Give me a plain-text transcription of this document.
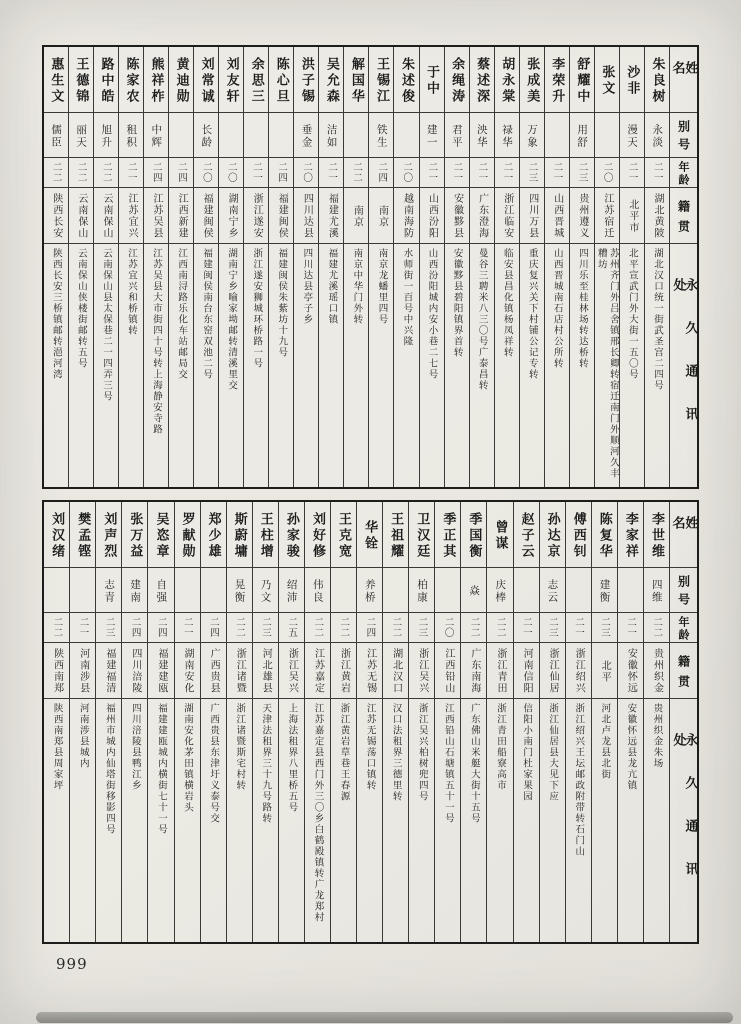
姓名
别号
年龄
籍贯
永久通讯处
朱良树
永淡
二一
湖北黄陂
湖北汉口统一街武圣宫二四号
沙非
漫天
二一
北平市
北平宣武门外大街一五〇号
张文
二〇
江苏宿迁
苏州齐门外吕舍镇邢长卿转宿迁南门外顺河久丰糟坊
舒耀中
用舒
二三
贵州遵义
四川乐至桂林场转达桥转
李荣升
二一
山西晋城
山西晋城南石店村公所转
张成美
万象
二三
四川万县
重庆复兴关下村铺公记专转
胡永棠
禄华
二一
浙江临安
临安县昌化镇杨凤祥转
蔡述深
泱华
二一
广东澄海
曼谷三聘米八三〇号广泰昌转
余绳涛
君平
二一
安徽黟县
安徽黟县碧阳镇界首转
于中
建一
二一
山西汾阳
山西汾阳城内安小巷二七号
朱述俊
二〇
越南海防
水师街一百号中兴隆
王锡江
铁生
二四
南京
南京龙蟠里四号
解国华
二二
南京
南京中华门外转
吴允森
洁如
二一
福建尤溪
福建尤溪瑶口镇
洪子锡
垂金
二〇
四川达县
四川达县亭子乡
陈心旦
二四
福建闽侯
福建闽侯朱紫坊十九号
余思三
二一
浙江遂安
浙江遂安狮城环桥路一号
刘友轩
二〇
湖南宁乡
湖南宁乡喻家坳邮转清溪里交
刘常诚
长龄
二〇
福建闽侯
福建闽侯南台东窑双池二号
黄迪勋
二四
江西新建
江西南浔路乐化车站邮局交
熊祥柞
中辉
二四
江苏吴县
江苏吴县大市街四十号转上海静安寺路
陈家农
租积
二一
江苏宜兴
江苏宜兴和桥镇转
路中皓
旭升
二二
云南保山
云南保山县太保巷二一四弄三号
王德锦
丽天
二二
云南保山
云南保山侠楼街邮转五号
惠生文
儒臣
二二
陕西长安
陕西长安三桥镇邮转浥河湾
姓名
别号
年龄
籍贯
永久通讯处
李世维
四维
二二
贵州织金
贵州织金朱场
李家祥
二一
安徽怀远
安徽怀远县龙亢镇
陈复华
建衡
二三
北平
河北卢龙县北街
傅西钊
二一
浙江绍兴
浙江绍兴王坛邮政附带转石门山
孙达京
志云
二三
浙江仙居
浙江仙居县大见下应
赵子云
二一
河南信阳
信阳小南门杜家果园
曾谋
庆棒
二二
浙江青田
浙江青田船寮高市
季国衡
焱
二二
广东南海
广东佛山米艇大街十五号
季正其
二〇
江西铅山
江西铅山石塘镇五十一号
卫汉廷
柏康
二三
浙江吴兴
浙江吴兴柏树兜四号
王祖耀
二二
湖北汉口
汉口法租界三德里转
华铨
养桥
二四
江苏无锡
江苏无锡荡口镇转
王克宽
二二
浙江黄岩
浙江黄岩草巷王春源
刘好修
伟良
二二
江苏嘉定
江苏嘉定县西门外三〇乡白鹤殿镇转广龙郑村
孙家骏
绍沛
二五
浙江吴兴
上海法租界八里桥五号
王柱增
乃文
二三
河北雄县
天津法租界三十九号路转
斯蔚墉
晃衡
二二
浙江诸暨
浙江诸暨斯宅村转
郑少雄
二四
广西贵县
广西贵县东津圩义泰号交
罗献勋
二一
湖南安化
湖南安化茅田镇横岩头
吴恣章
自强
二四
福建建瓯
福建建瓯城内横街七十一号
张万益
建南
二四
四川涪陵
四川涪陵县鸭江乡
刘声烈
志青
二三
福建福清
福州市城内仙塔街移影四号
樊孟铿
二一
河南涉县
河南涉县城内
刘汉绪
二二
陕西南郑
陕西南郑县周家坪
999
